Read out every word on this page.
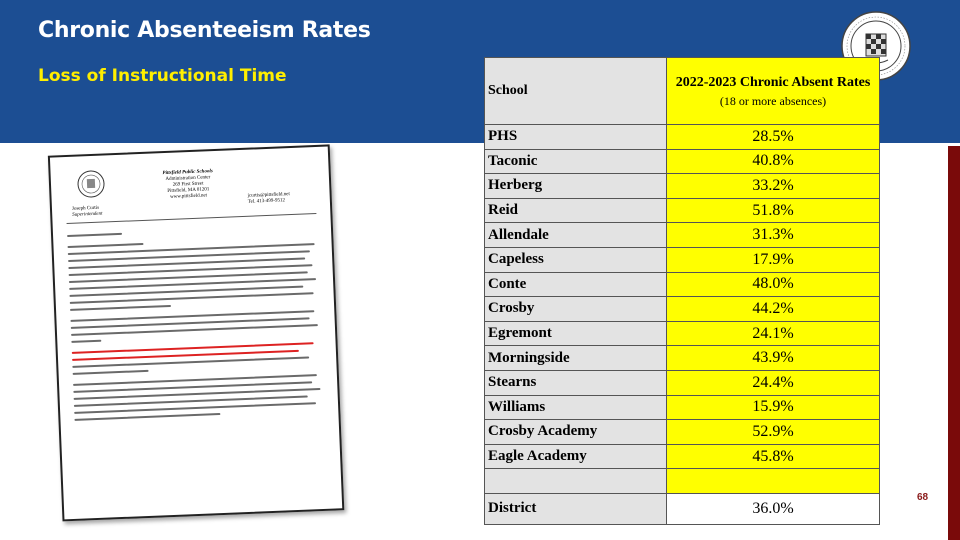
Chronic Absenteeism Rates
Loss of Instructional Time
68
Pittsfield Public Schools
Administration Center
269 First Street
Pittsfield, MA 01201
www.pittsfield.net
Joseph Curtis
Superintendent
jcurtis@pittsfield.net
Tel. 413-499-9512
School	2022-2023 Chronic Absent Rates
(18 or more absences)

PHS	28.5%
Taconic	40.8%
Herberg	33.2%
Reid	51.8%
Allendale	31.3%
Capeless	17.9%
Conte	48.0%
Crosby	44.2%
Egremont	24.1%
Morningside	43.9%
Stearns	24.4%
Williams	15.9%
Crosby Academy	52.9%
Eagle Academy	45.8%

District	36.0%
